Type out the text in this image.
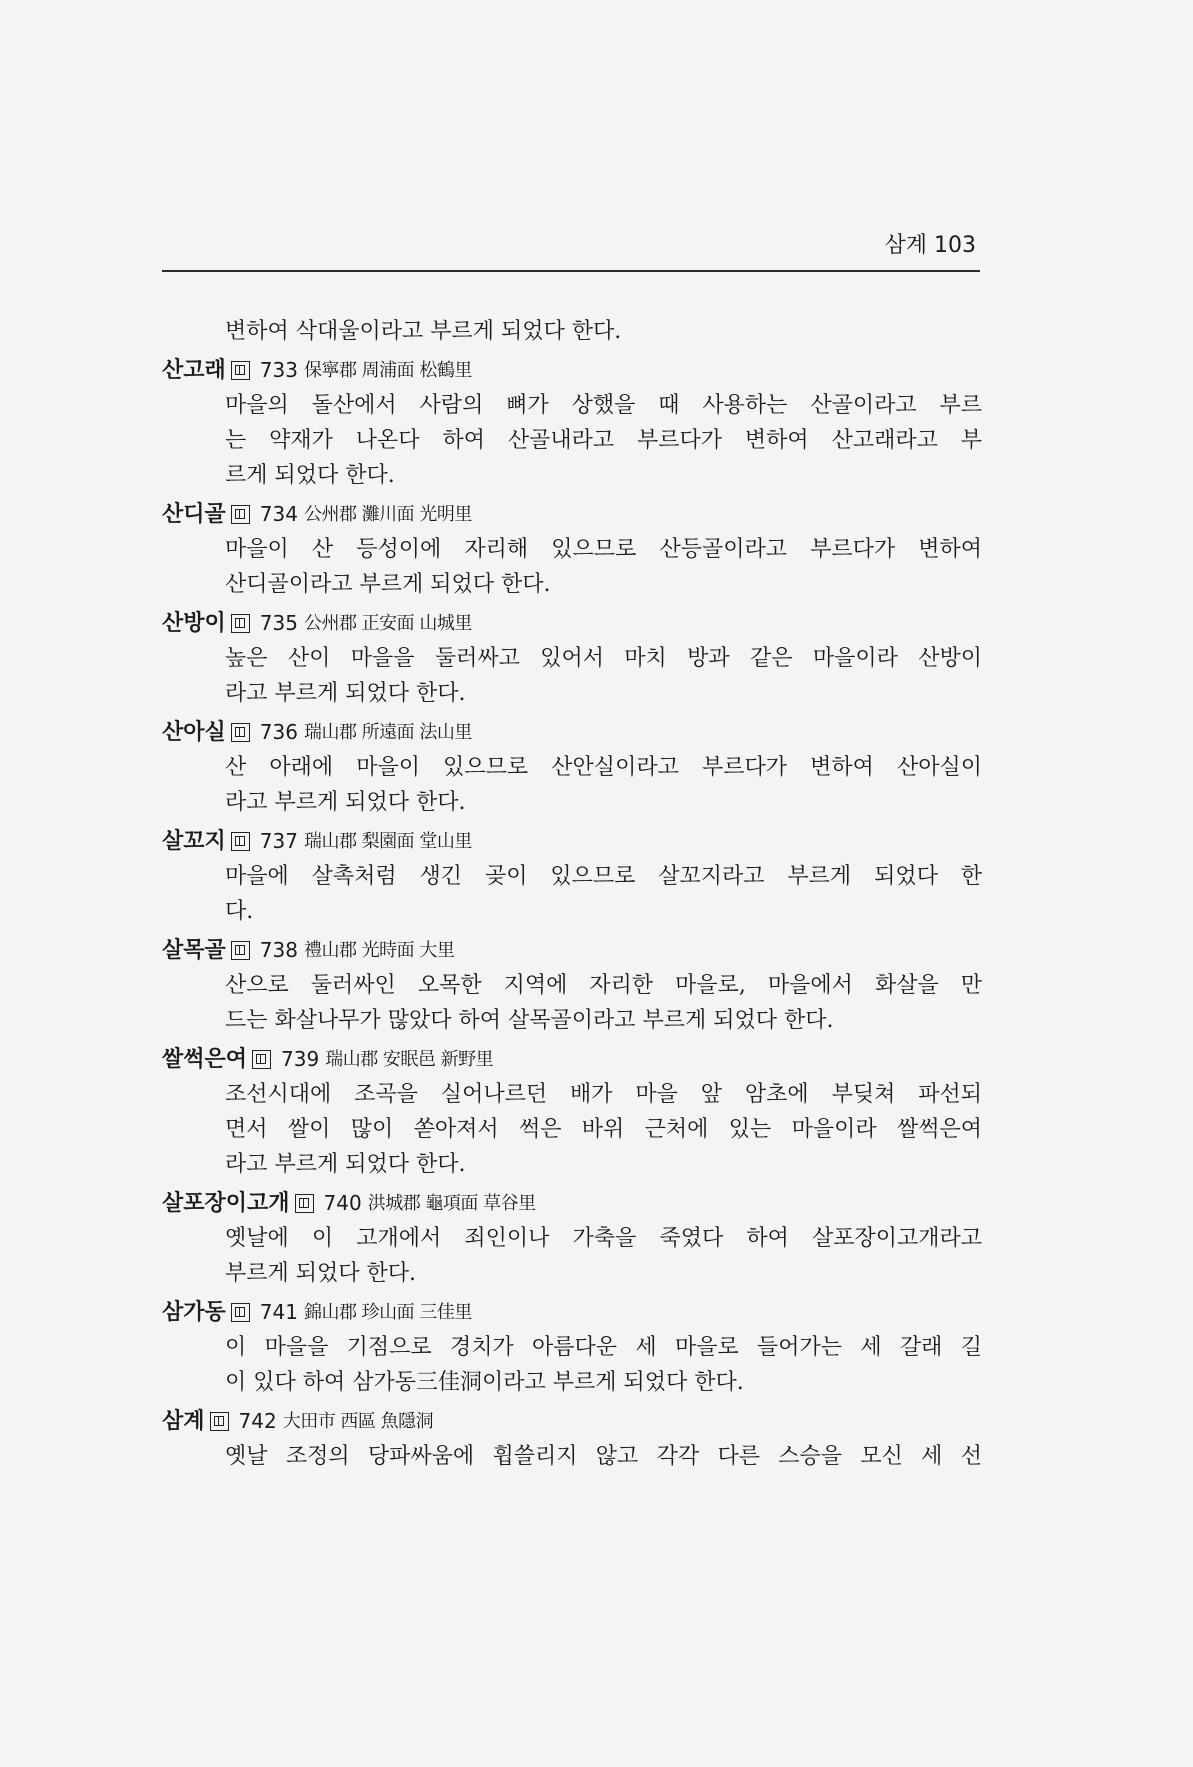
삼계 103
변하여 삭대울이라고 부르게 되었다 한다.
산고래 733 保寧郡 周浦面 松鶴里
마을의 돌산에서 사람의 뼈가 상했을 때 사용하는 산골이라고 부르
는 약재가 나온다 하여 산골내라고 부르다가 변하여 산고래라고 부
르게 되었다 한다.
산디골 734 公州郡 灘川面 光明里
마을이 산 등성이에 자리해 있으므로 산등골이라고 부르다가 변하여
산디골이라고 부르게 되었다 한다.
산방이 735 公州郡 正安面 山城里
높은 산이 마을을 둘러싸고 있어서 마치 방과 같은 마을이라 산방이
라고 부르게 되었다 한다.
산아실 736 瑞山郡 所遠面 法山里
산 아래에 마을이 있으므로 산안실이라고 부르다가 변하여 산아실이
라고 부르게 되었다 한다.
살꼬지 737 瑞山郡 梨園面 堂山里
마을에 살촉처럼 생긴 곶이 있으므로 살꼬지라고 부르게 되었다 한
다.
살목골 738 禮山郡 光時面 大里
산으로 둘러싸인 오목한 지역에 자리한 마을로, 마을에서 화살을 만
드는 화살나무가 많았다 하여 살목골이라고 부르게 되었다 한다.
쌀썩은여 739 瑞山郡 安眠邑 新野里
조선시대에 조곡을 실어나르던 배가 마을 앞 암초에 부딪쳐 파선되
면서 쌀이 많이 쏟아져서 썩은 바위 근처에 있는 마을이라 쌀썩은여
라고 부르게 되었다 한다.
살포장이고개 740 洪城郡 龜項面 草谷里
옛날에 이 고개에서 죄인이나 가축을 죽였다 하여 살포장이고개라고
부르게 되었다 한다.
삼가동 741 錦山郡 珍山面 三佳里
이 마을을 기점으로 경치가 아름다운 세 마을로 들어가는 세 갈래 길
이 있다 하여 삼가동三佳洞이라고 부르게 되었다 한다.
삼계 742 大田市 西區 魚隱洞
옛날 조정의 당파싸움에 휩쓸리지 않고 각각 다른 스승을 모신 세 선
